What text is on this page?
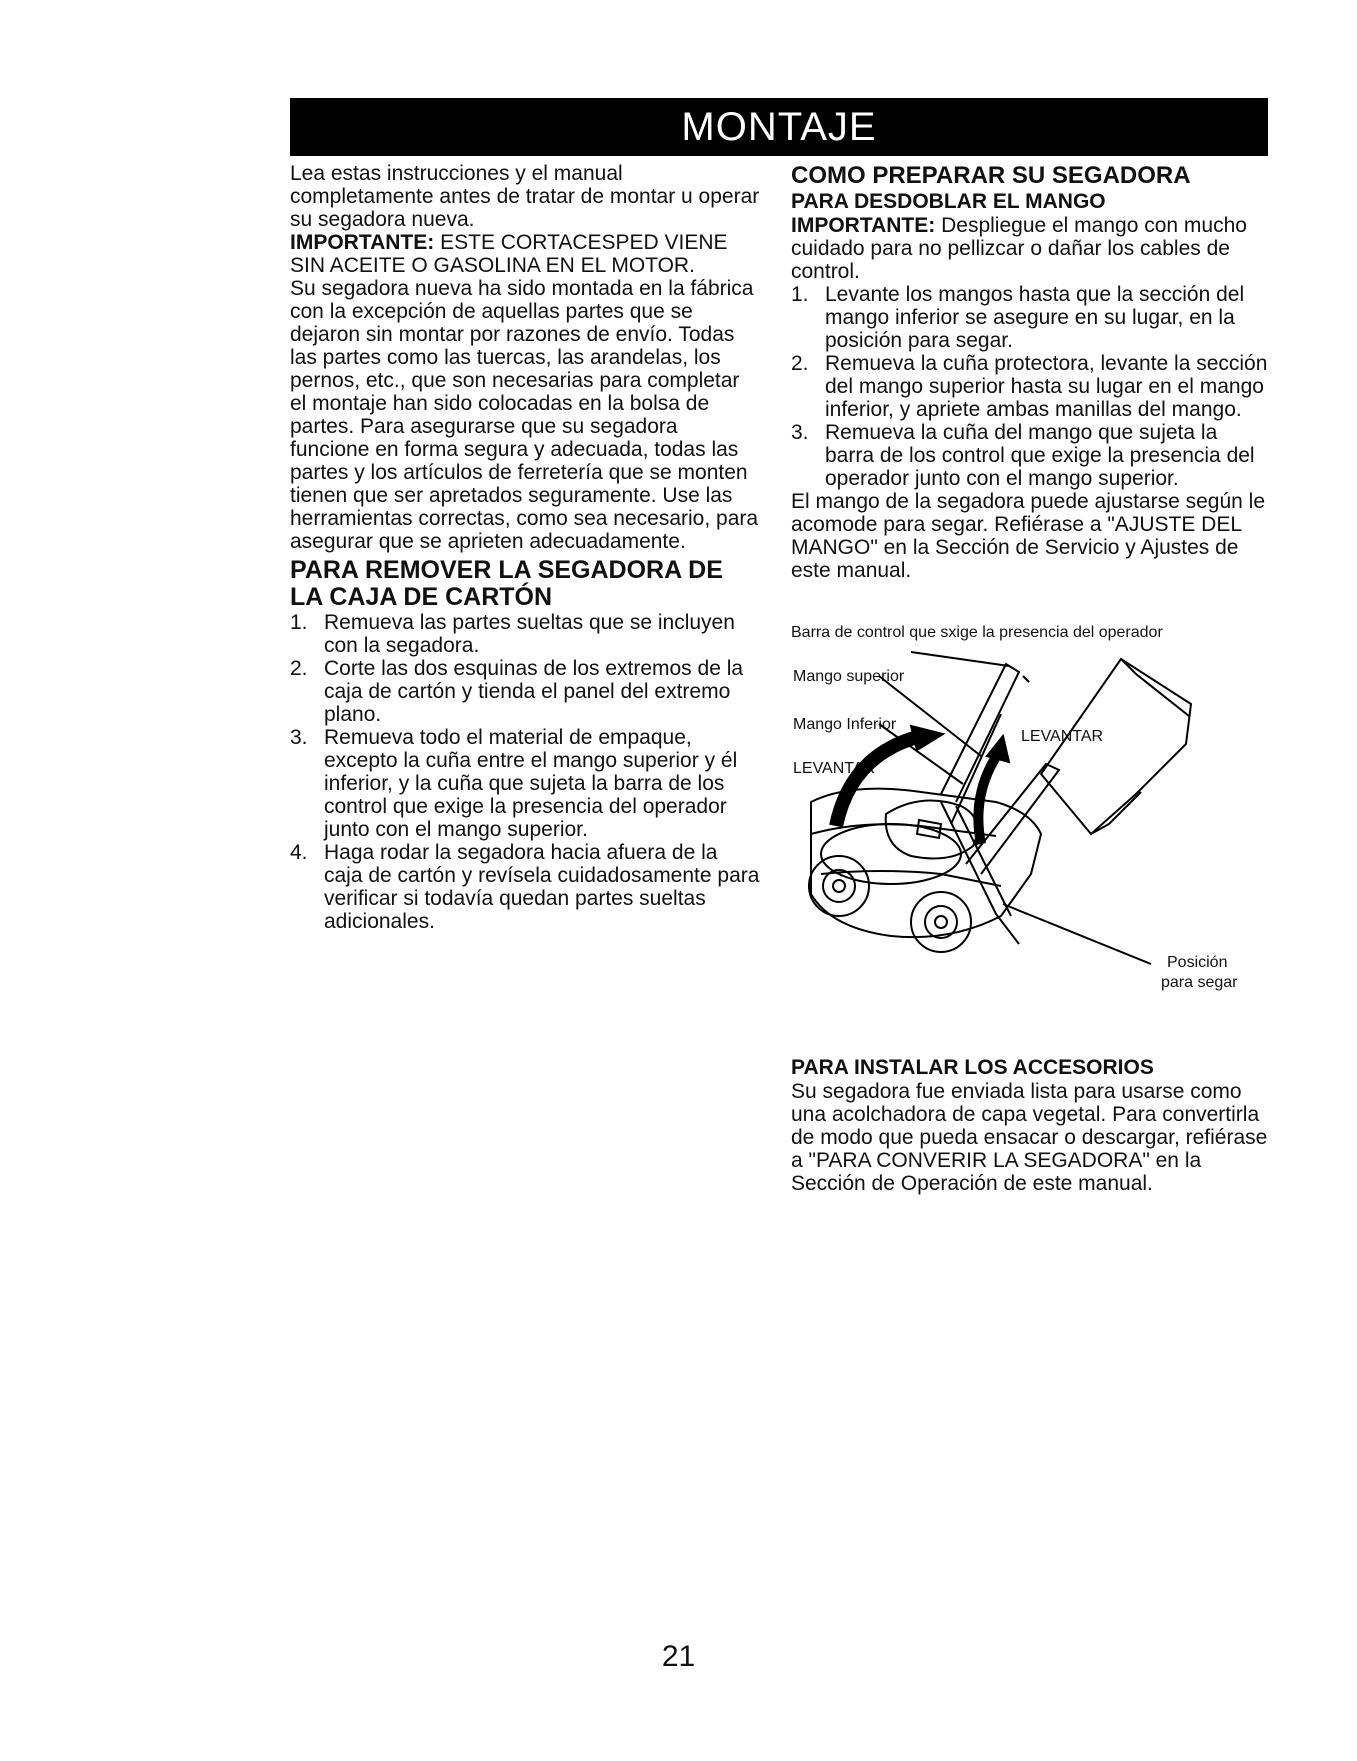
MONTAJE

Lea estas instrucciones y el manual completamente antes de tratar de montar u operar su segadora nueva.

IMPORTANTE: ESTE CORTACESPED VIENE SIN ACEITE O GASOLINA EN EL MOTOR.

Su segadora nueva ha sido montada en la fábrica con la excepción de aquellas partes que se dejaron sin montar por razones de envío. Todas las partes como las tuercas, las arandelas, los pernos, etc., que son necesarias para completar el montaje han sido colocadas en la bolsa de partes. Para asegurarse que su segadora funcione en forma segura y adecuada, todas las partes y los artículos de ferretería que se monten tienen que ser apretados seguramente. Use las herramientas correctas, como sea necesario, para asegurar que se aprieten adecuadamente.

PARA REMOVER LA SEGADORA DE LA CAJA DE CARTÓN
1. Remueva las partes sueltas que se incluyen con la segadora.
2. Corte las dos esquinas de los extremos de la caja de cartón y tienda el panel del extremo plano.
3. Remueva todo el material de empaque, excepto la cuña entre el mango superior y él inferior, y la cuña que sujeta la barra de los control que exige la presencia del operador junto con el mango superior.
4. Haga rodar la segadora hacia afuera de la caja de cartón y revísela cuidadosamente para verificar si todavía quedan partes sueltas adicionales.
COMO PREPARAR SU SEGADORA
PARA DESDOBLAR EL MANGO

IMPORTANTE: Despliegue el mango con mucho cuidado para no pellizcar o dañar los cables de control.

1. Levante los mangos hasta que la sección del mango inferior se asegure en su lugar, en la posición para segar.
2. Remueva la cuña protectora, levante la sección del mango superior hasta su lugar en el mango inferior, y apriete ambas manillas del mango.
3. Remueva la cuña del mango que sujeta la barra de los control que exige la presencia del operador junto con el mango superior.

El mango de la segadora puede ajustarse según le acomode para segar. Refiérase a "AJUSTE DEL MANGO" en la Sección de Servicio y Ajustes de este manual.

Barra de control que sxige la presencia del operador
Mango superior
Mango Inferior
LEVANTAR
LEVANTAR
Posición
para segar
PARA INSTALAR LOS ACCESORIOS

Su segadora fue enviada lista para usarse como una acolchadora de capa vegetal. Para convertirla de modo que pueda ensacar o descargar, refiérase a "PARA CONVERIR LA SEGADORA" en la Sección de Operación de este manual.

21
